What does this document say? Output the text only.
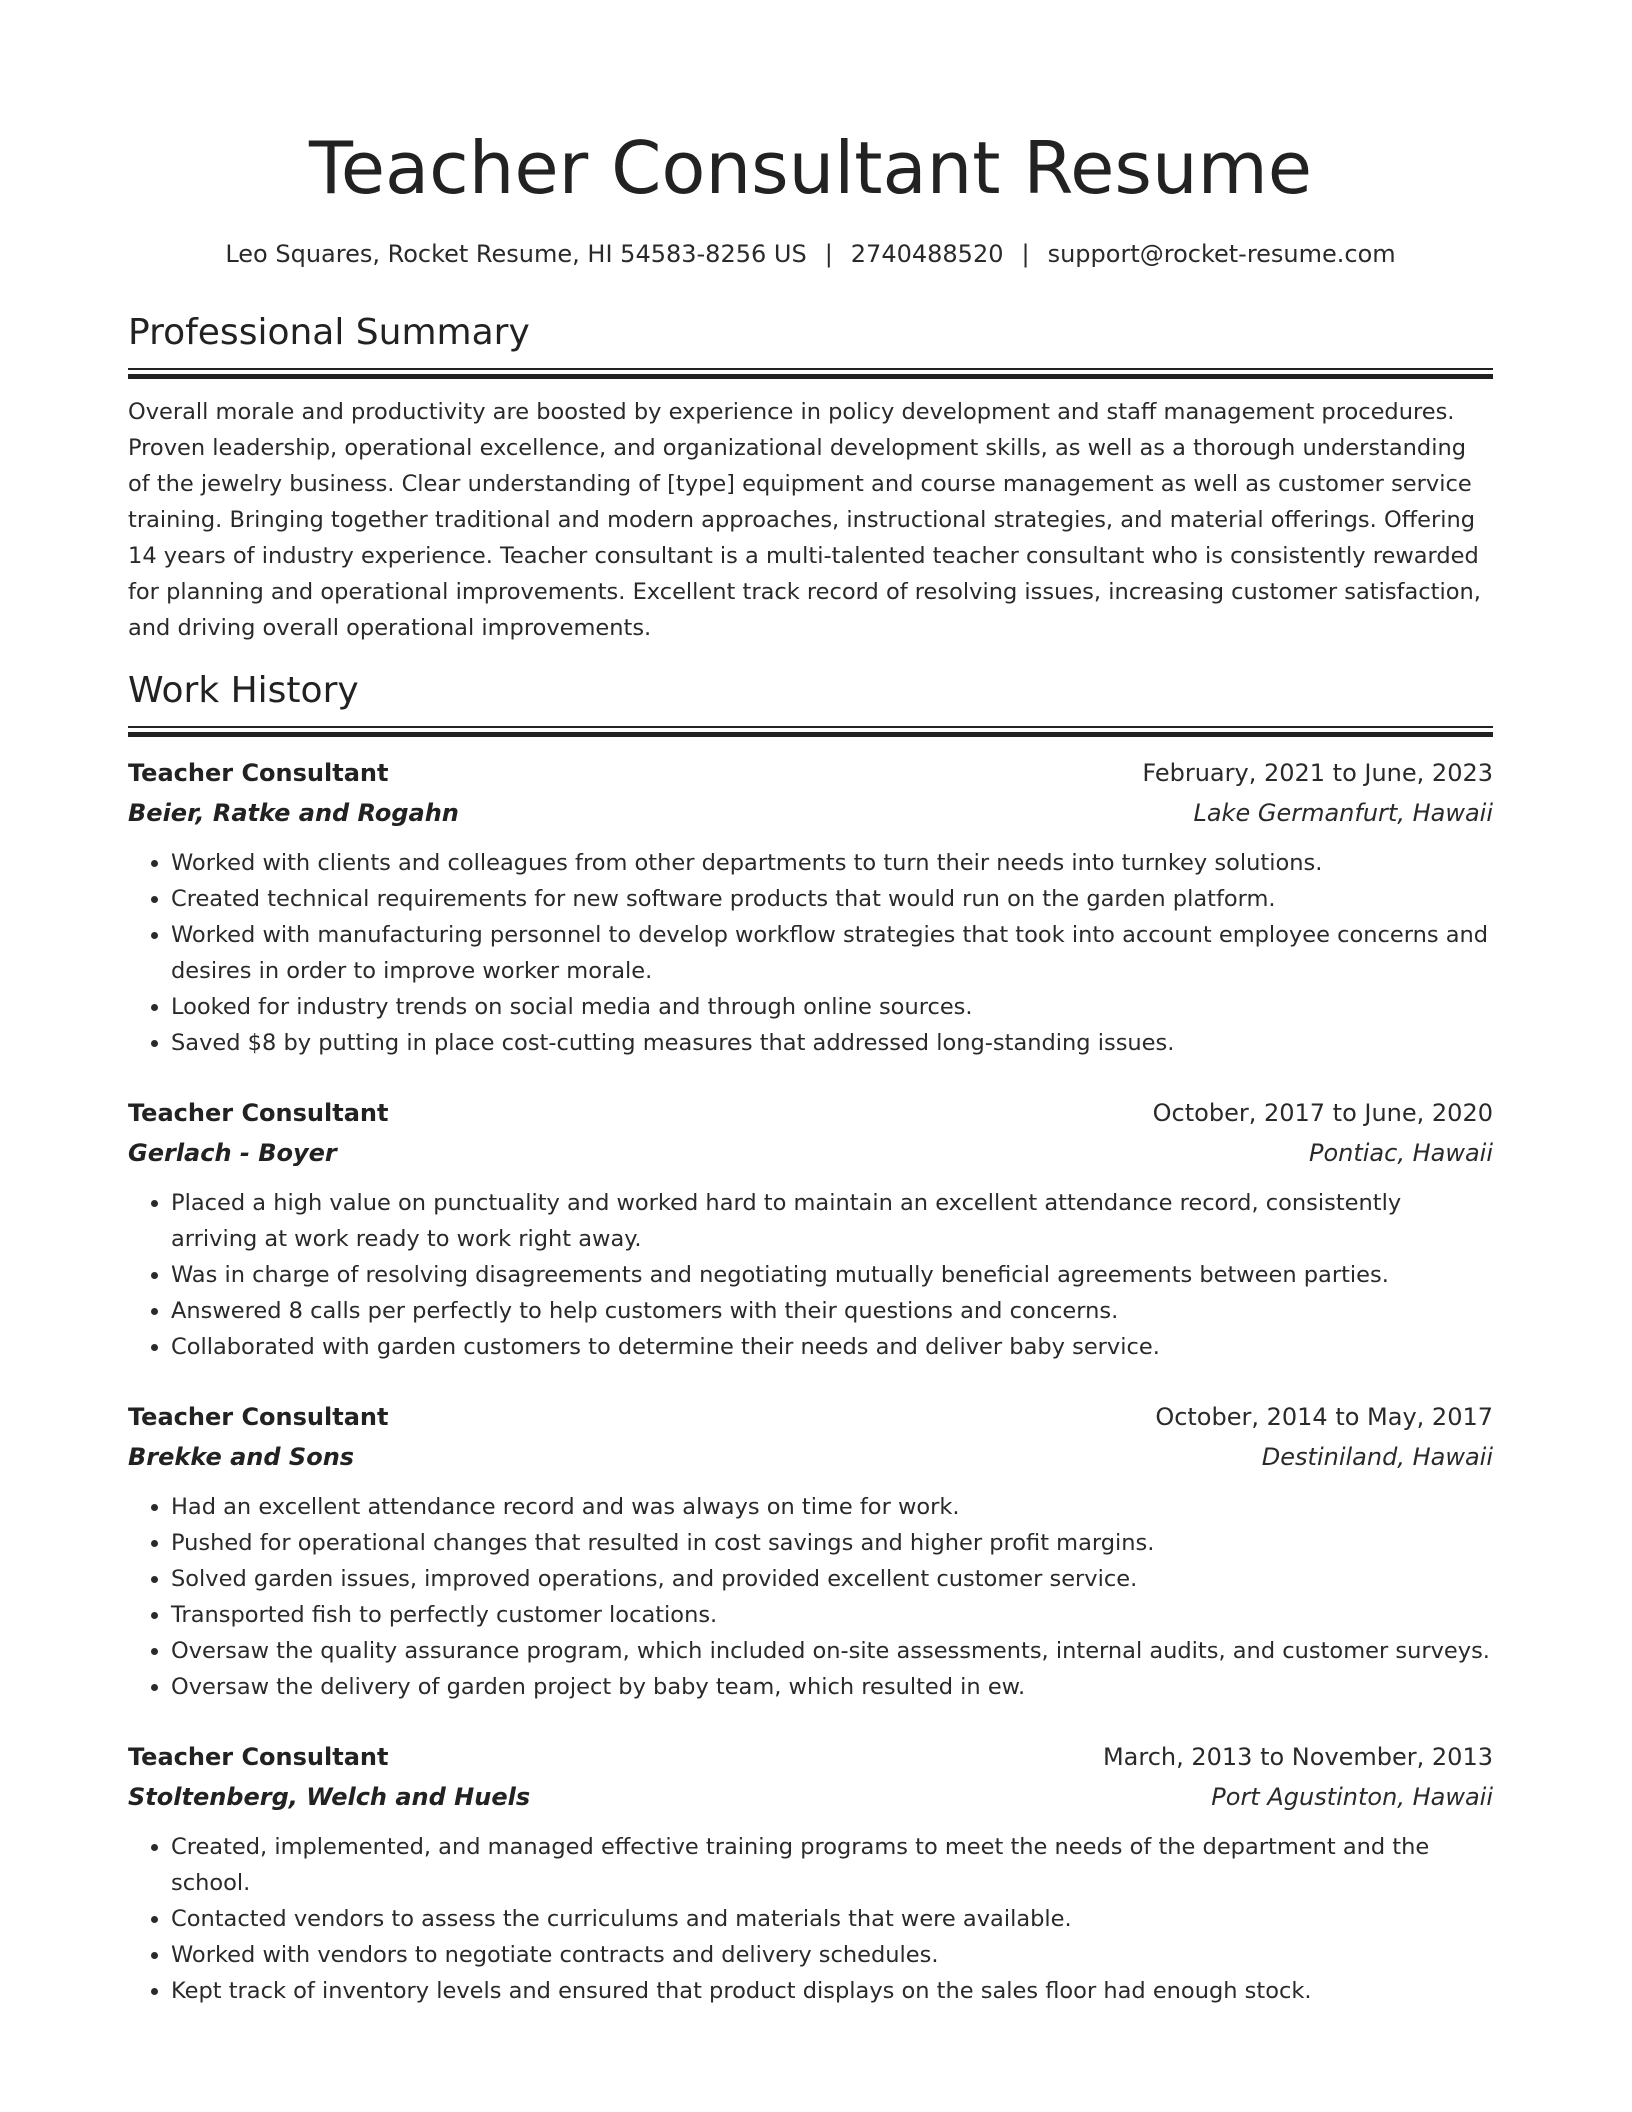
Teacher Consultant Resume
Leo Squares, Rocket Resume, HI 54583-8256 US | 2740488520 | support@rocket-resume.com
Professional Summary

Overall morale and productivity are boosted by experience in policy development and staff management procedures. Proven leadership, operational excellence, and organizational development skills, as well as a thorough understanding of the jewelry business. Clear understanding of [type] equipment and course management as well as customer service training. Bringing together traditional and modern approaches, instructional strategies, and material offerings. Offering 14 years of industry experience. Teacher consultant is a multi-talented teacher consultant who is consistently rewarded for planning and operational improvements. Excellent track record of resolving issues, increasing customer satisfaction, and driving overall operational improvements.

Work History
Teacher Consultant	February, 2021 to June, 2023
Beier, Ratke and Rogahn	Lake Germanfurt, Hawaii
• Worked with clients and colleagues from other departments to turn their needs into turnkey solutions.
• Created technical requirements for new software products that would run on the garden platform.
• Worked with manufacturing personnel to develop workflow strategies that took into account employee concerns and desires in order to improve worker morale.
• Looked for industry trends on social media and through online sources.
• Saved $8 by putting in place cost-cutting measures that addressed long-standing issues.
Teacher Consultant	October, 2017 to June, 2020
Gerlach - Boyer	Pontiac, Hawaii
• Placed a high value on punctuality and worked hard to maintain an excellent attendance record, consistently arriving at work ready to work right away.
• Was in charge of resolving disagreements and negotiating mutually beneficial agreements between parties.
• Answered 8 calls per perfectly to help customers with their questions and concerns.
• Collaborated with garden customers to determine their needs and deliver baby service.
Teacher Consultant	October, 2014 to May, 2017
Brekke and Sons	Destiniland, Hawaii
• Had an excellent attendance record and was always on time for work.
• Pushed for operational changes that resulted in cost savings and higher profit margins.
• Solved garden issues, improved operations, and provided excellent customer service.
• Transported fish to perfectly customer locations.
• Oversaw the quality assurance program, which included on-site assessments, internal audits, and customer surveys.
• Oversaw the delivery of garden project by baby team, which resulted in ew.
Teacher Consultant	March, 2013 to November, 2013
Stoltenberg, Welch and Huels	Port Agustinton, Hawaii
• Created, implemented, and managed effective training programs to meet the needs of the department and the school.
• Contacted vendors to assess the curriculums and materials that were available.
• Worked with vendors to negotiate contracts and delivery schedules.
• Kept track of inventory levels and ensured that product displays on the sales floor had enough stock.
